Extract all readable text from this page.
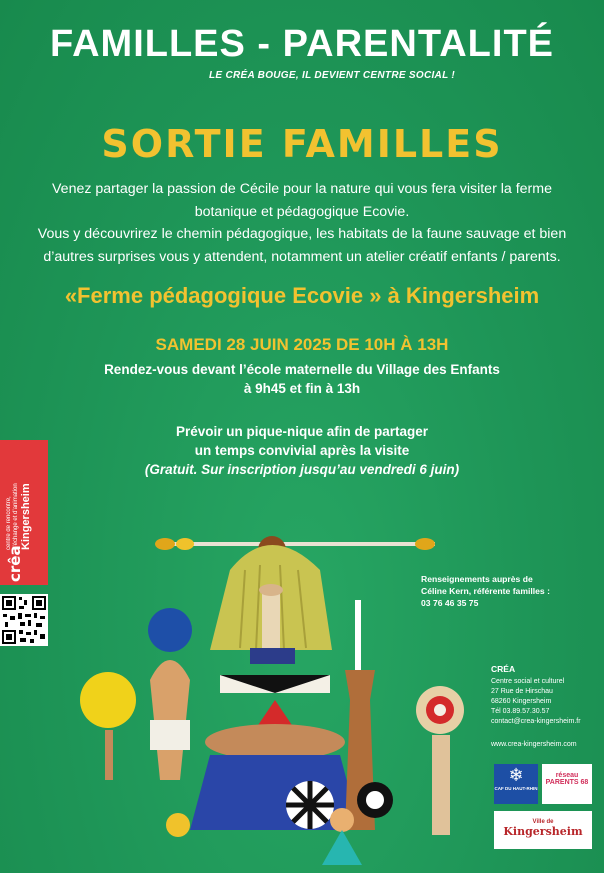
FAMILLES - PARENTALITÉ
LE CRÉA BOUGE, IL DEVIENT CENTRE SOCIAL !
SORTIE FAMILLES
Venez partager la passion de Cécile pour la nature qui vous fera visiter la ferme
botanique et pédagogique Ecovie.
Vous y découvrirez le chemin pédagogique, les habitats de la faune sauvage et bien
d’autres surprises vous y attendent, notamment un atelier créatif enfants / parents.
«Ferme pédagogique Ecovie » à Kingersheim
SAMEDI 28 JUIN 2025 DE 10H À 13H
Rendez-vous devant l’école maternelle du Village des Enfants
à 9h45 et fin à 13h
Prévoir un pique-nique afin de partager
un temps convivial après la visite
(Gratuit. Sur inscription jusqu’au vendredi 6 juin)
centre de rencontre,
d’échange et d’animation Kingersheim
crêa	Renseignements auprès de
Céline Kern, référente familles :
03 76 46 35 75
CRÉA
Centre social et culturel
27 Rue de Hirschau
68260 Kingersheim
Tél 03.89.57.30.57
contact@crea-kingersheim.fr
www.crea-kingersheim.com
❄
CAF DU HAUT-RHIN
réseau
PARENTS 68
Ville de
Kingersheim
